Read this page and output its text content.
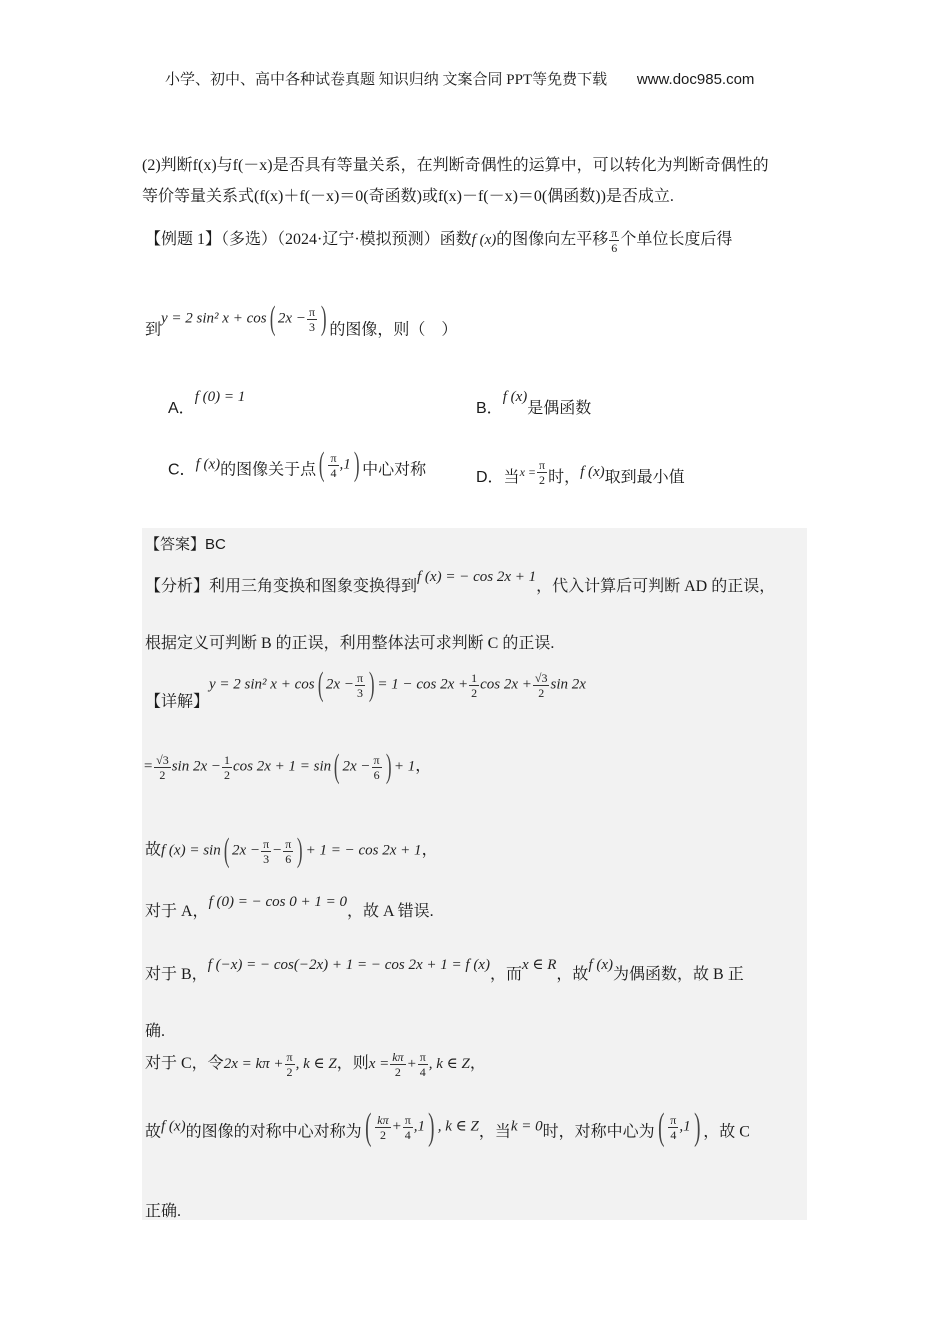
小学、初中、高中各种试卷真题 知识归纳 文案合同 PPT等免费下载 www.doc985.com
(2)判断f(x)与f(－x)是否具有等量关系，在判断奇偶性的运算中，可以转化为判断奇偶性的
等价等量关系式(f(x)＋f(－x)＝0(奇函数)或f(x)－f(－x)＝0(偶函数))是否成立.
【例题 1】（多选）（2024·辽宁·模拟预测）函数f (x)的图像向左平移 $\frac{\pi}{6}$ 个单位长度后得
到y = 2 sin² x + cos( $2x - \frac{\pi}{3}$ ) 的图像，则（　）
A．f (0) = 1
B．f (x)是偶函数
C．f (x)的图像关于点( $\frac{\pi}{4} ,1$) 中心对称	D．当$x = \frac{\pi}{2}$ 时，f (x)取到最小值
【答案】BC
【分析】利用三角变换和图象变换得到f (x) = − cos 2x + 1，代入计算后可判断 AD 的正误，
根据定义可判断 B 的正误，利用整体法可求判断 C 的正误.
【详解】y = 2 sin² x + cos( $2x - \frac{\pi}{3}$ ) = $1 - \cos 2x + \frac{1}{2}$ $\cos 2x + \frac{√3}{2}$ sin 2x
= $\frac{√3}{2}$ $\sin 2x - \frac{1}{2}$ cos 2x + 1 = sin( $2x - \frac{\pi}{6}$ ) + 1，
故f (x) = sin( $2x - \frac{\pi}{3} - \frac{\pi}{6}$ ) + 1 = − cos 2x + 1，
对于 A，f (0) = − cos 0 + 1 = 0，故 A 错误.
对于 B，f (−x) = − cos(−2x) + 1 = − cos 2x + 1 = f (x)，而x ∈ R，故f (x)为偶函数，故 B 正
确.
对于 C，令$2x = k\pi + \frac{\pi}{2}$ , k ∈ Z，则$x = \frac{k\pi}{2} + \frac{\pi}{4}$ , k ∈ Z，
故f (x)的图像的对称中心对称为( $\frac{k\pi}{2} + \frac{\pi}{4} ,1$) , k ∈ Z，当k = 0时，对称中心为( $\frac{\pi}{4} ,1$) ，故 C
正确.
